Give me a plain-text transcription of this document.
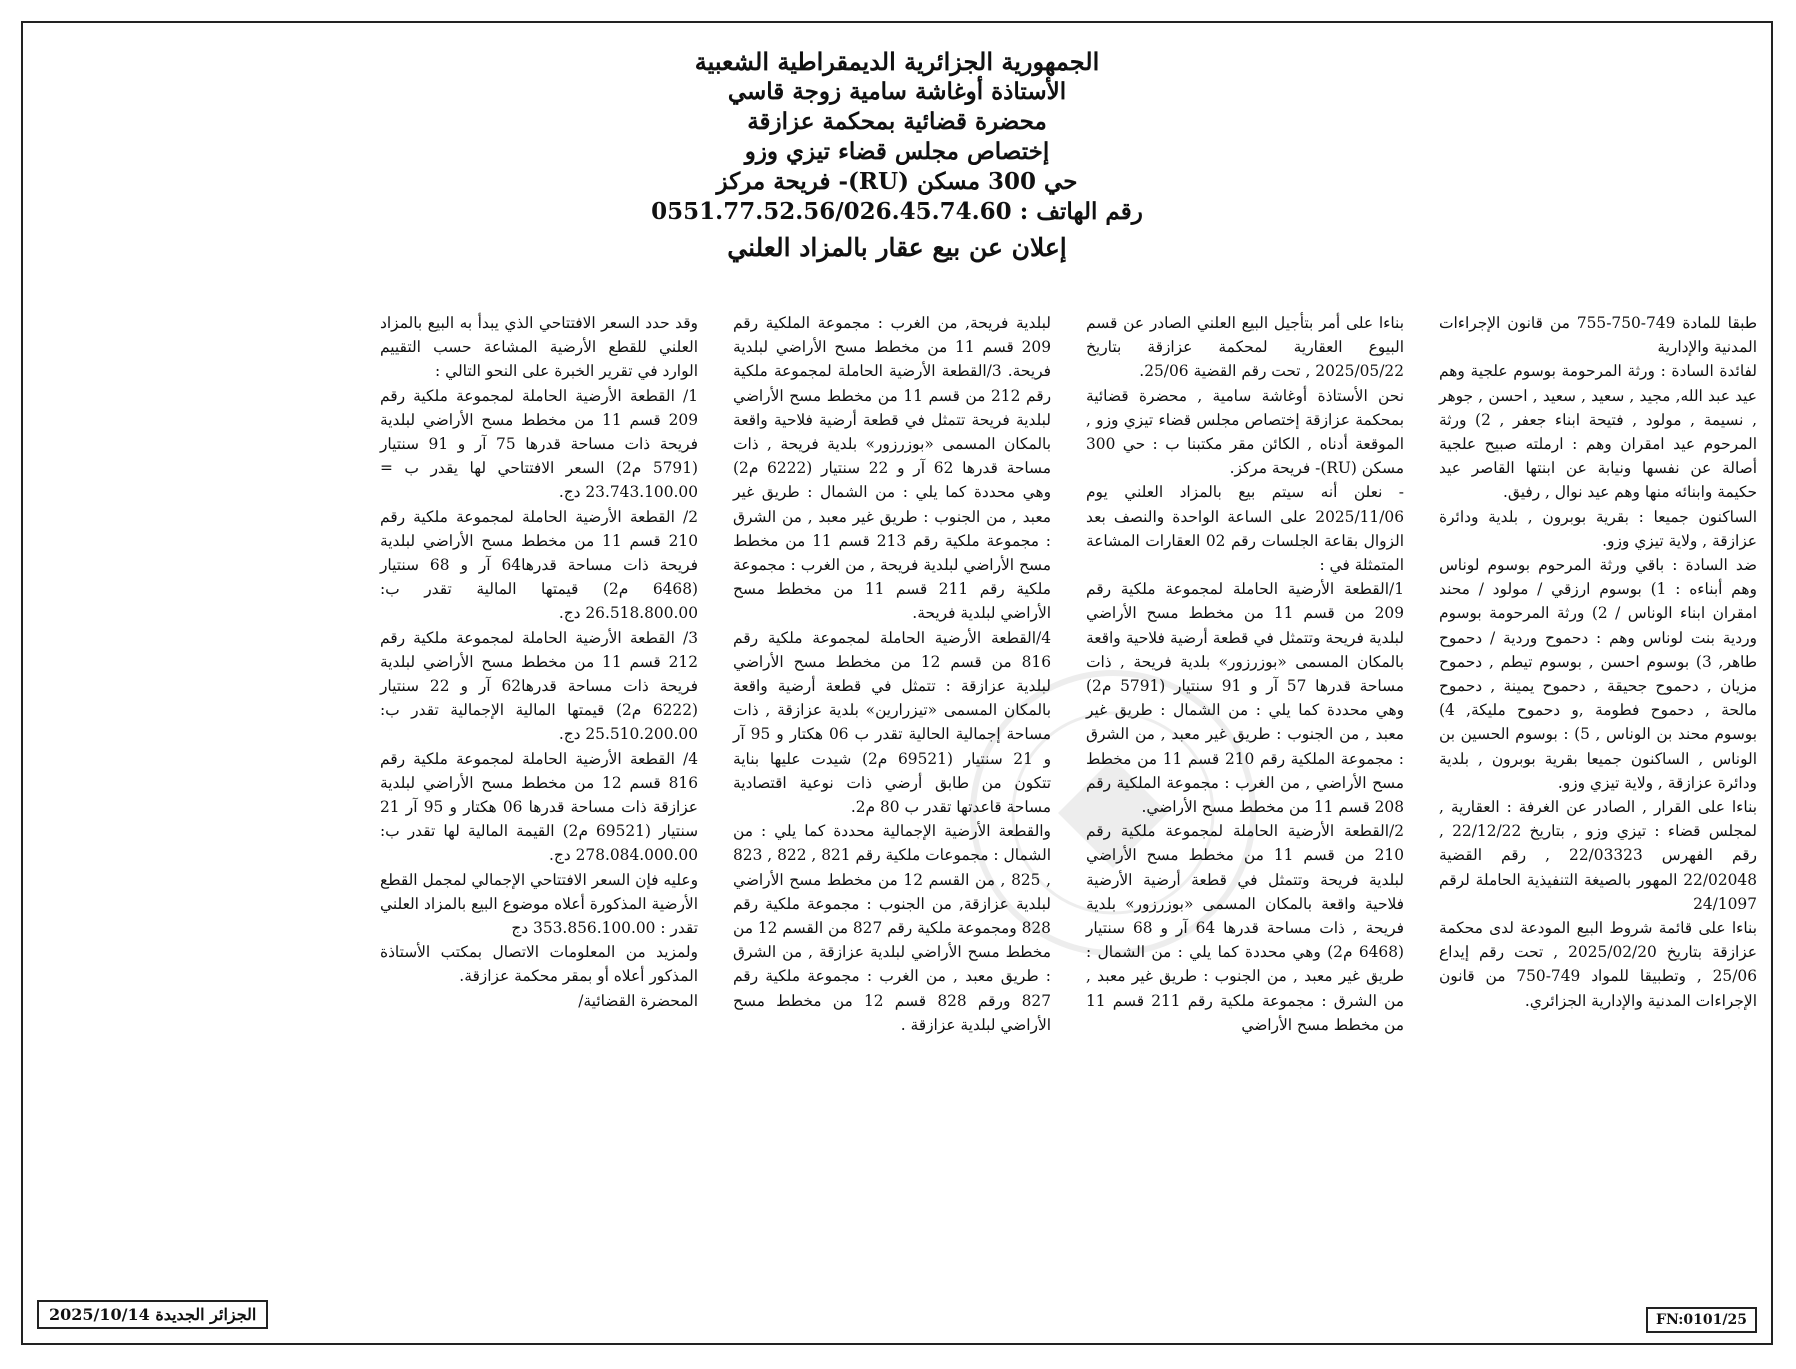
الجمهورية الجزائرية الديمقراطية الشعبية
الأستاذة أوغاشة سامية زوجة قاسي
محضرة قضائية بمحكمة عزازقة
إختصاص مجلس قضاء تيزي وزو
حي 300 مسكن (RU)- فريحة مركز
رقم الهاتف : 0551.77.52.56/026.45.74.60
إعلان عن بيع عقار بالمزاد العلني
طبقا للمادة 749-750-755 من قانون الإجراءات المدنية والإدارية
لفائدة السادة : ورثة المرحومة بوسوم علجية وهم عيد عبد الله, مجيد , سعيد , سعيد , احسن , جوهر , نسيمة , مولود , فتيحة ابناء جعفر , 2) ورثة المرحوم عيد امقران وهم : ارملته صبيح علجية أصالة عن نفسها ونيابة عن ابنتها القاصر عيد حكيمة وابنائه منها وهم عيد نوال , رفيق.
الساكنون جميعا : بقرية بوبرون , بلدية ودائرة عزازقة , ولاية تيزي وزو.
ضد السادة : باقي ورثة المرحوم بوسوم لوناس وهم أبناءه : 1) بوسوم ارزقي / مولود / محند امقران ابناء الوناس / 2) ورثة المرحومة بوسوم وردية بنت لوناس وهم : دحموح وردية / دحموح طاهر, 3) بوسوم احسن , بوسوم تيطم , دحموح مزيان , دحموح جحيقة , دحموح يمينة , دحموح مالحة , دحموح فطومة ,و دحموح مليكة, 4) بوسوم محند بن الوناس , 5) : بوسوم الحسين بن الوناس , الساكنون جميعا بقرية بوبرون , بلدية ودائرة عزازقة , ولاية تيزي وزو.
بناءا على القرار , الصادر عن الغرفة : العقارية , لمجلس قضاء : تيزي وزو , بتاريخ 22/12/22 , رقم الفهرس 22/03323 , رقم القضية 22/02048 المهور بالصيغة التنفيذية الحاملة لرقم 24/1097
بناءا على قائمة شروط البيع المودعة لدى محكمة عزازقة بتاريخ 2025/02/20 , تحت رقم إيداع 25/06 , وتطبيقا للمواد 749-750 من قانون الإجراءات المدنية والإدارية الجزائري.
بناءا على أمر بتأجيل البيع العلني الصادر عن قسم البيوع العقارية لمحكمة عزازقة بتاريخ 2025/05/22 , تحت رقم القضية 25/06.
نحن الأستاذة أوغاشة سامية , محضرة قضائية بمحكمة عزازقة إختصاص مجلس قضاء تيزي وزو , الموقعة أدناه , الكائن مقر مكتبنا ب : حي 300 مسكن (RU)- فريحة مركز.
- نعلن أنه سيتم بيع بالمزاد العلني يوم 2025/11/06 على الساعة الواحدة والنصف بعد الزوال بقاعة الجلسات رقم 02 العقارات المشاعة المتمثلة في :
1/القطعة الأرضية الحاملة لمجموعة ملكية رقم 209 من قسم 11 من مخطط مسح الأراضي لبلدية فريحة وتتمثل في قطعة أرضية فلاحية واقعة بالمكان المسمى «بوزرزور» بلدية فريحة , ذات مساحة قدرها 57 آر و 91 سنتيار (5791 م2) وهي محددة كما يلي : من الشمال : طريق غير معبد , من الجنوب : طريق غير معبد , من الشرق : مجموعة الملكية رقم 210 قسم 11 من مخطط مسح الأراضي , من الغرب : مجموعة الملكية رقم 208 قسم 11 من مخطط مسح الأراضي.
2/القطعة الأرضية الحاملة لمجموعة ملكية رقم 210 من قسم 11 من مخطط مسح الأراضي لبلدية فريحة وتتمثل في قطعة أرضية الأرضية فلاحية واقعة بالمكان المسمى «بوزرزور» بلدية فريحة , ذات مساحة قدرها 64 آر و 68 سنتيار (6468 م2) وهي محددة كما يلي : من الشمال : طريق غير معبد , من الجنوب : طريق غير معبد , من الشرق : مجموعة ملكية رقم 211 قسم 11 من مخطط مسح الأراضي
لبلدية فريحة, من الغرب : مجموعة الملكية رقم 209 قسم 11 من مخطط مسح الأراضي لبلدية فريحة. 3/القطعة الأرضية الحاملة لمجموعة ملكية رقم 212 من قسم 11 من مخطط مسح الأراضي لبلدية فريحة تتمثل في قطعة أرضية فلاحية واقعة بالمكان المسمى «بوزرزور» بلدية فريحة , ذات مساحة قدرها 62 آر و 22 سنتيار (6222 م2) وهي محددة كما يلي : من الشمال : طريق غير معبد , من الجنوب : طريق غير معبد , من الشرق : مجموعة ملكية رقم 213 قسم 11 من مخطط مسح الأراضي لبلدية فريحة , من الغرب : مجموعة ملكية رقم 211 قسم 11 من مخطط مسح الأراضي لبلدية فريحة.
4/القطعة الأرضية الحاملة لمجموعة ملكية رقم 816 من قسم 12 من مخطط مسح الأراضي لبلدية عزازقة : تتمثل في قطعة أرضية واقعة بالمكان المسمى «تيزرارين» بلدية عزازقة , ذات مساحة إجمالية الحالية تقدر ب 06 هكتار و 95 آر و 21 سنتيار (69521 م2) شيدت عليها بناية تتكون من طابق أرضي ذات نوعية اقتصادية مساحة قاعدتها تقدر ب 80 م2.
والقطعة الأرضية الإجمالية محددة كما يلي : من الشمال : مجموعات ملكية رقم 821 , 822 , 823 , 825 , من القسم 12 من مخطط مسح الأراضي لبلدية عزازقة, من الجنوب : مجموعة ملكية رقم 828 ومجموعة ملكية رقم 827 من القسم 12 من مخطط مسح الأراضي لبلدية عزازقة , من الشرق : طريق معبد , من الغرب : مجموعة ملكية رقم 827 ورقم 828 قسم 12 من مخطط مسح الأراضي لبلدية عزازقة .
وقد حدد السعر الافتتاحي الذي يبدأ به البيع بالمزاد العلني للقطع الأرضية المشاعة حسب التقييم الوارد في تقرير الخبرة على النحو التالي :
1/ القطعة الأرضية الحاملة لمجموعة ملكية رقم 209 قسم 11 من مخطط مسح الأراضي لبلدية فريحة ذات مساحة قدرها 75 آر و 91 سنتيار (5791 م2) السعر الافتتاحي لها يقدر ب = 23.743.100.00 دج.
2/ القطعة الأرضية الحاملة لمجموعة ملكية رقم 210 قسم 11 من مخطط مسح الأراضي لبلدية فريحة ذات مساحة قدرها64 آر و 68 سنتيار (6468 م2) قيمتها المالية تقدر ب: 26.518.800.00 دج.
3/ القطعة الأرضية الحاملة لمجموعة ملكية رقم 212 قسم 11 من مخطط مسح الأراضي لبلدية فريحة ذات مساحة قدرها62 آر و 22 سنتيار (6222 م2) قيمتها المالية الإجمالية تقدر ب: 25.510.200.00 دج.
4/ القطعة الأرضية الحاملة لمجموعة ملكية رقم 816 قسم 12 من مخطط مسح الأراضي لبلدية عزازقة ذات مساحة قدرها 06 هكتار و 95 آر 21 سنتيار (69521 م2) القيمة المالية لها تقدر ب: 278.084.000.00 دج.
وعليه فإن السعر الافتتاحي الإجمالي لمجمل القطع الأرضية المذكورة أعلاه موضوع البيع بالمزاد العلني تقدر : 353.856.100.00 دج
ولمزيد من المعلومات الاتصال بمكتب الأستاذة المذكور أعلاه أو بمقر محكمة عزازقة.
المحضرة القضائية/
الجزائر الجديدة 2025/10/14	FN:0101/25
